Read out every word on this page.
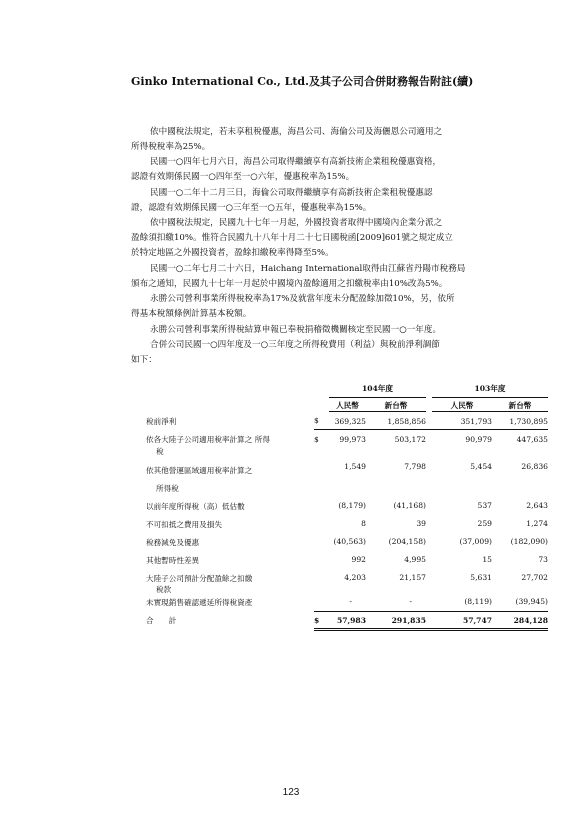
Ginko International Co., Ltd.及其子公司合併財務報告附註(續)
依中國稅法規定，若未享租稅優惠，海昌公司、海倫公司及海儷恩公司適用之
所得稅稅率為25%。
民國一○四年七月六日，海昌公司取得繼續享有高新技術企業租稅優惠資格，
認證有效期係民國一○四年至一○六年，優惠稅率為15%。
民國一○二年十二月三日，海倫公司取得繼續享有高新技術企業租稅優惠認
證，認證有效期係民國一○三年至一○五年，優惠稅率為15%。
依中國稅法規定，民國九十七年一月起，外國投資者取得中國境內企業分派之
盈餘須扣繳10%。惟符合民國九十八年十月二十七日國稅函[2009]601號之規定成立
於特定地區之外國投資者，盈餘扣繳稅率得降至5%。
民國一○二年七月二十六日，Haichang International取得由江蘇省丹陽市稅務局
頒布之通知，民國九十七年一月起於中國境內盈餘適用之扣繳稅率由10%改為5%。
永勝公司營利事業所得稅稅率為17%及就當年度未分配盈餘加徵10%，另，依所
得基本稅額條例計算基本稅額。
永勝公司營利事業所得稅結算申報已奉稅捐稽徵機關核定至民國一○一年度。
合併公司民國一○四年度及一○三年度之所得稅費用（利益）與稅前淨利調節
如下：
		104年度			103年度	
		人民幣	新台幣		人民幣	新台幣
稅前淨利	$	369,325	1,858,856		351,793	1,730,895

依各大陸子公司適用稅率計算之 所得
稅	$	99,973	503,172		90,979	447,635

依其他營運區域適用稅率計算之
所得稅		1,549	7,798		5,454	26,836
以前年度所得稅（高）低估數		(8,179)	(41,168)		537	2,643
不可扣抵之費用及損失		8	39		259	1,274
稅務減免及優惠		(40,563)	(204,158)		(37,009)	(182,090)
其他暫時性差異		992	4,995		15	73

大陸子公司預計分配盈餘之扣繳
稅款		4,203	21,157		5,631	27,702
未實現銷售確認遞延所得稅資產		-	-		(8,119)	(39,945)
合　　計	$	57,983	291,835		57,747	284,128
123
